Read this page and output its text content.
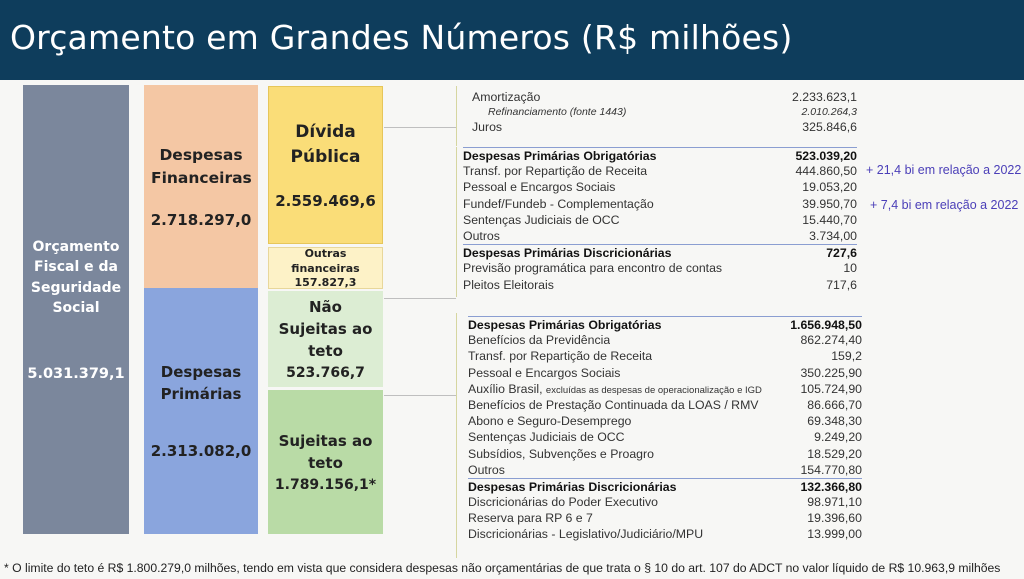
Orçamento em Grandes Números (R$ milhões)
Orçamento Fiscal e da Seguridade Social
5.031.379,1
Despesas Financeiras
2.718.297,0
Despesas Primárias
2.313.082,0
Dívida Pública
2.559.469,6
Outras financeiras
157.827,3
Não Sujeitas ao teto
523.766,7
Sujeitas ao teto
1.789.156,1*
Amortização	2.233.623,1
Refinanciamento (fonte 1443)	2.010.264,3
Juros	325.846,6
Despesas Primárias Obrigatórias	523.039,20
Transf. por Repartição de Receita	444.860,50
Pessoal e Encargos Sociais	19.053,20
Fundef/Fundeb - Complementação	39.950,70
Sentenças Judiciais de OCC	15.440,70
Outros	3.734,00
Despesas Primárias Discricionárias	727,6
Previsão programática para encontro de contas	10
Pleitos Eleitorais	717,6
+ 21,4 bi em relação a 2022
+ 7,4 bi em relação a 2022
Despesas Primárias Obrigatórias	1.656.948,50
Benefícios da Previdência	862.274,40
Transf. por Repartição de Receita	159,2
Pessoal e Encargos Sociais	350.225,90
Auxílio Brasil, excluídas as despesas de operacionalização e IGD	105.724,90
Benefícios de Prestação Continuada da LOAS / RMV	86.666,70
Abono e Seguro-Desemprego	69.348,30
Sentenças Judiciais de OCC	9.249,20
Subsídios, Subvenções e Proagro	18.529,20
Outros	154.770,80
Despesas Primárias Discricionárias	132.366,80
Discricionárias do Poder Executivo	98.971,10
Reserva para RP 6 e 7	19.396,60
Discricionárias - Legislativo/Judiciário/MPU	13.999,00
* O limite do teto é R$ 1.800.279,0 milhões, tendo em vista que considera despesas não orçamentárias de que trata o § 10 do art. 107 do ADCT no valor líquido de R$ 10.963,9 milhões
